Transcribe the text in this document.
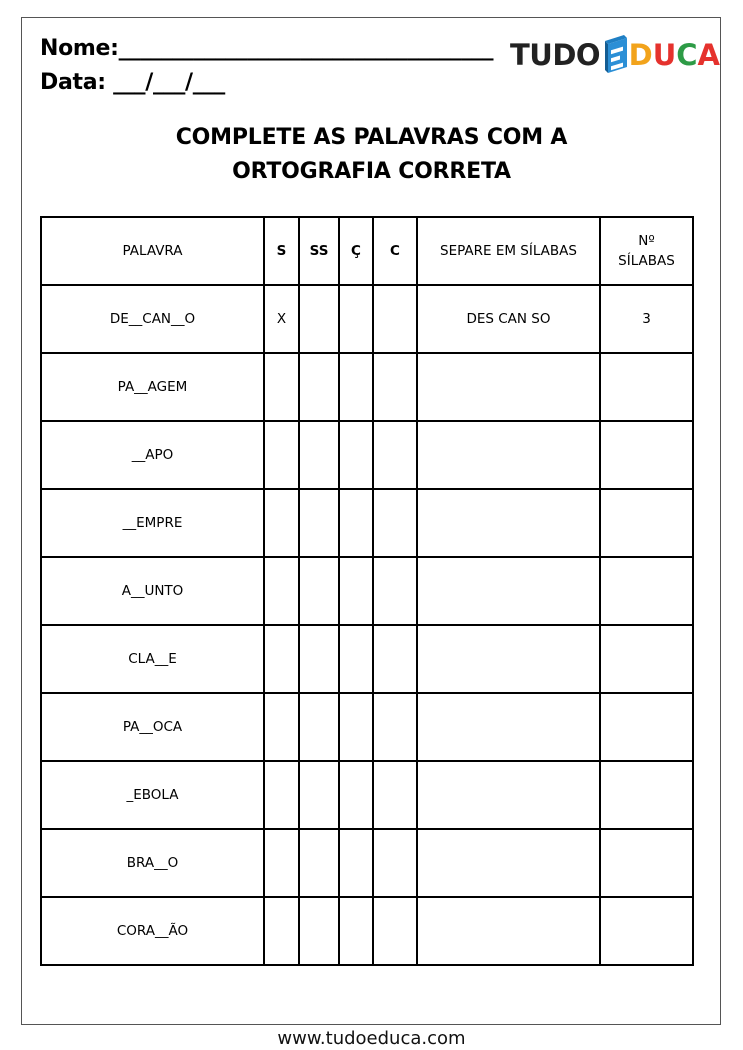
Nome:___________________________________
Data: ___/___/___
TUDO D U C A
COMPLETE AS PALAVRAS COM A
ORTOGRAFIA CORRETA
PALAVRA	S	SS	Ç	C	SEPARE EM SÍLABAS	Nº
SÍLABAS
DE__CAN__O	X				DES CAN SO	3
PA__AGEM						
__APO						
__EMPRE						
A__UNTO						
CLA__E						
PA__OCA						
_EBOLA						
BRA__O						
CORA__ÃO						
www.tudoeduca.com
